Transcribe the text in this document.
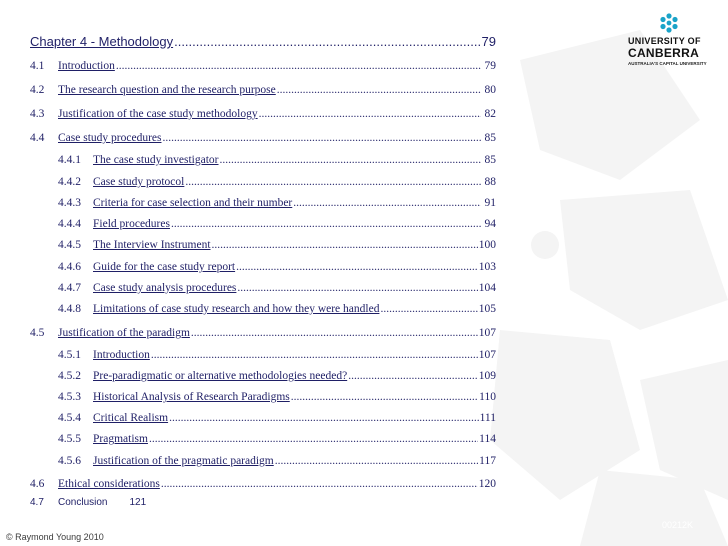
UNIVERSITY OF
CANBERRA
AUSTRALIA'S CAPITAL UNIVERSITY
Chapter 4 - Methodology .....	79
4.1	Introduction .....	79
4.2	The research question and the research purpose .....	80
4.3	Justification of the case study methodology .....	82
4.4	Case study procedures .....	85
4.4.1	The case study investigator .....	85
4.4.2	Case study protocol .....	88
4.4.3	Criteria for case selection and their number .....	91
4.4.4	Field procedures .....	94
4.4.5	The Interview Instrument .....	100
4.4.6	Guide for the case study report .....	103
4.4.7	Case study analysis procedures .....	104
4.4.8	Limitations of case study research and how they were handled .....	105
4.5	Justification of the paradigm .....	107
4.5.1	Introduction .....	107
4.5.2	Pre-paradigmatic or alternative methodologies needed? .....	109
4.5.3	Historical Analysis of Research Paradigms .....	110
4.5.4	Critical Realism .....	111
4.5.5	Pragmatism .....	114
4.5.6	Justification of the pragmatic paradigm .....	117
4.6	Ethical considerations .....	120
4.7	Conclusion 121
00212K
© Raymond Young 2010
